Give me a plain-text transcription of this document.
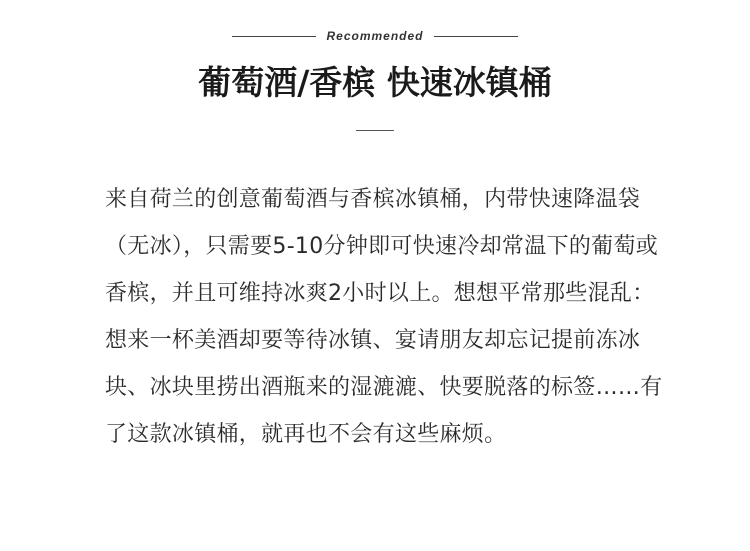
Recommended
葡萄酒/香槟 快速冰镇桶

来自荷兰的创意葡萄酒与香槟冰镇桶，内带快速降温袋（无冰），只需要5-10分钟即可快速冷却常温下的葡萄或香槟，并且可维持冰爽2小时以上。想想平常那些混乱：想来一杯美酒却要等待冰镇、宴请朋友却忘记提前冻冰块、冰块里捞出酒瓶来的湿漉漉、快要脱落的标签……有了这款冰镇桶，就再也不会有这些麻烦。
